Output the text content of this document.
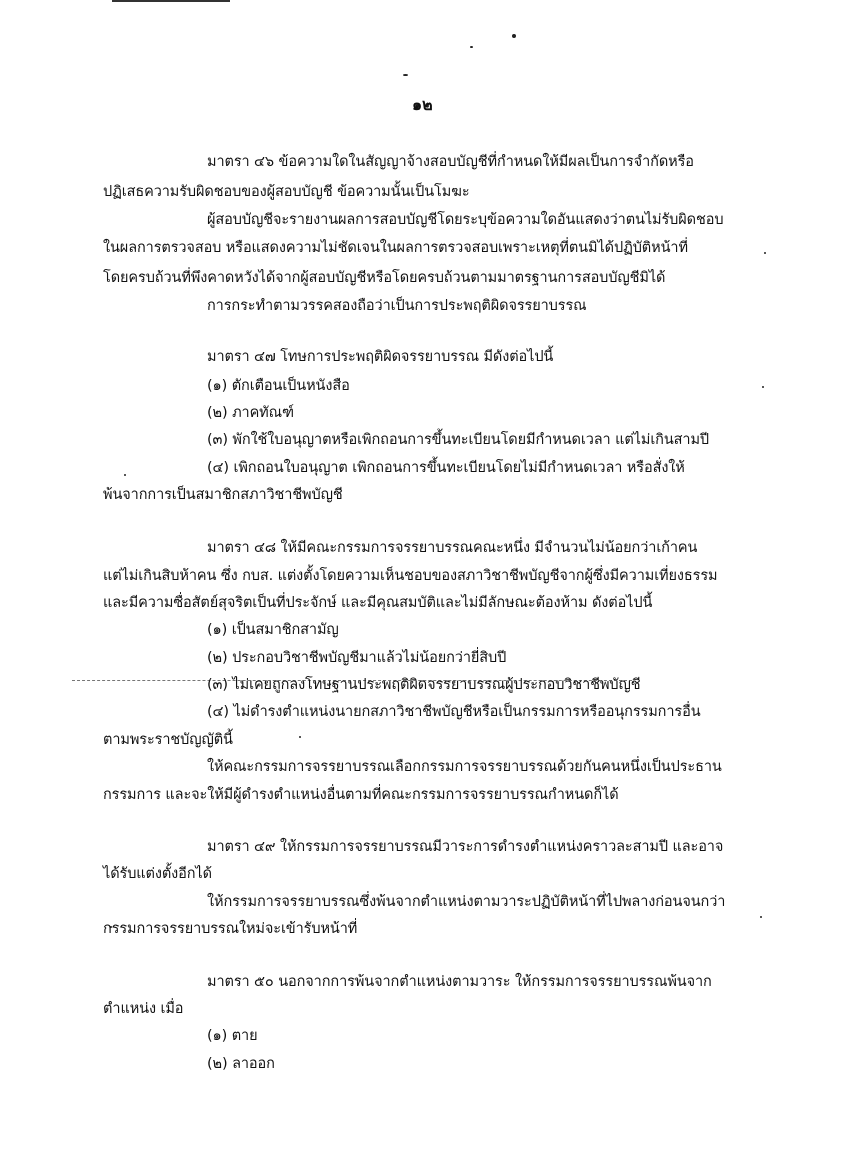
๑๒
มาตรา ๔๖ ข้อความใดในสัญญาจ้างสอบบัญชีที่กำหนดให้มีผลเป็นการจำกัดหรือ
ปฏิเสธความรับผิดชอบของผู้สอบบัญชี ข้อความนั้นเป็นโมฆะ
ผู้สอบบัญชีจะรายงานผลการสอบบัญชีโดยระบุข้อความใดอันแสดงว่าตนไม่รับผิดชอบ
ในผลการตรวจสอบ หรือแสดงความไม่ชัดเจนในผลการตรวจสอบเพราะเหตุที่ตนมิได้ปฏิบัติหน้าที่
โดยครบถ้วนที่พึงคาดหวังได้จากผู้สอบบัญชีหรือโดยครบถ้วนตามมาตรฐานการสอบบัญชีมิได้
การกระทำตามวรรคสองถือว่าเป็นการประพฤติผิดจรรยาบรรณ
มาตรา ๔๗ โทษการประพฤติผิดจรรยาบรรณ มีดังต่อไปนี้
(๑) ตักเตือนเป็นหนังสือ
(๒) ภาคทัณฑ์
(๓) พักใช้ใบอนุญาตหรือเพิกถอนการขึ้นทะเบียนโดยมีกำหนดเวลา แต่ไม่เกินสามปี
(๔) เพิกถอนใบอนุญาต เพิกถอนการขึ้นทะเบียนโดยไม่มีกำหนดเวลา หรือสั่งให้
พ้นจากการเป็นสมาชิกสภาวิชาชีพบัญชี
มาตรา ๔๘ ให้มีคณะกรรมการจรรยาบรรณคณะหนึ่ง มีจำนวนไม่น้อยกว่าเก้าคน
แต่ไม่เกินสิบห้าคน ซึ่ง กบส. แต่งตั้งโดยความเห็นชอบของสภาวิชาชีพบัญชีจากผู้ซึ่งมีความเที่ยงธรรม
และมีความซื่อสัตย์สุจริตเป็นที่ประจักษ์ และมีคุณสมบัติและไม่มีลักษณะต้องห้าม ดังต่อไปนี้
(๑) เป็นสมาชิกสามัญ
(๒) ประกอบวิชาชีพบัญชีมาแล้วไม่น้อยกว่ายี่สิบปี
(๓) ไม่เคยถูกลงโทษฐานประพฤติผิดจรรยาบรรณผู้ประกอบวิชาชีพบัญชี
(๔) ไม่ดำรงตำแหน่งนายกสภาวิชาชีพบัญชีหรือเป็นกรรมการหรืออนุกรรมการอื่น
ตามพระราชบัญญัตินี้
ให้คณะกรรมการจรรยาบรรณเลือกกรรมการจรรยาบรรณด้วยกันคนหนึ่งเป็นประธาน
กรรมการ และจะให้มีผู้ดำรงตำแหน่งอื่นตามที่คณะกรรมการจรรยาบรรณกำหนดก็ได้
มาตรา ๔๙ ให้กรรมการจรรยาบรรณมีวาระการดำรงตำแหน่งคราวละสามปี และอาจ
ได้รับแต่งตั้งอีกได้
ให้กรรมการจรรยาบรรณซึ่งพ้นจากตำแหน่งตามวาระปฏิบัติหน้าที่ไปพลางก่อนจนกว่า
กรรมการจรรยาบรรณใหม่จะเข้ารับหน้าที่
มาตรา ๕๐ นอกจากการพ้นจากตำแหน่งตามวาระ ให้กรรมการจรรยาบรรณพ้นจาก
ตำแหน่ง เมื่อ
(๑) ตาย
(๒) ลาออก
